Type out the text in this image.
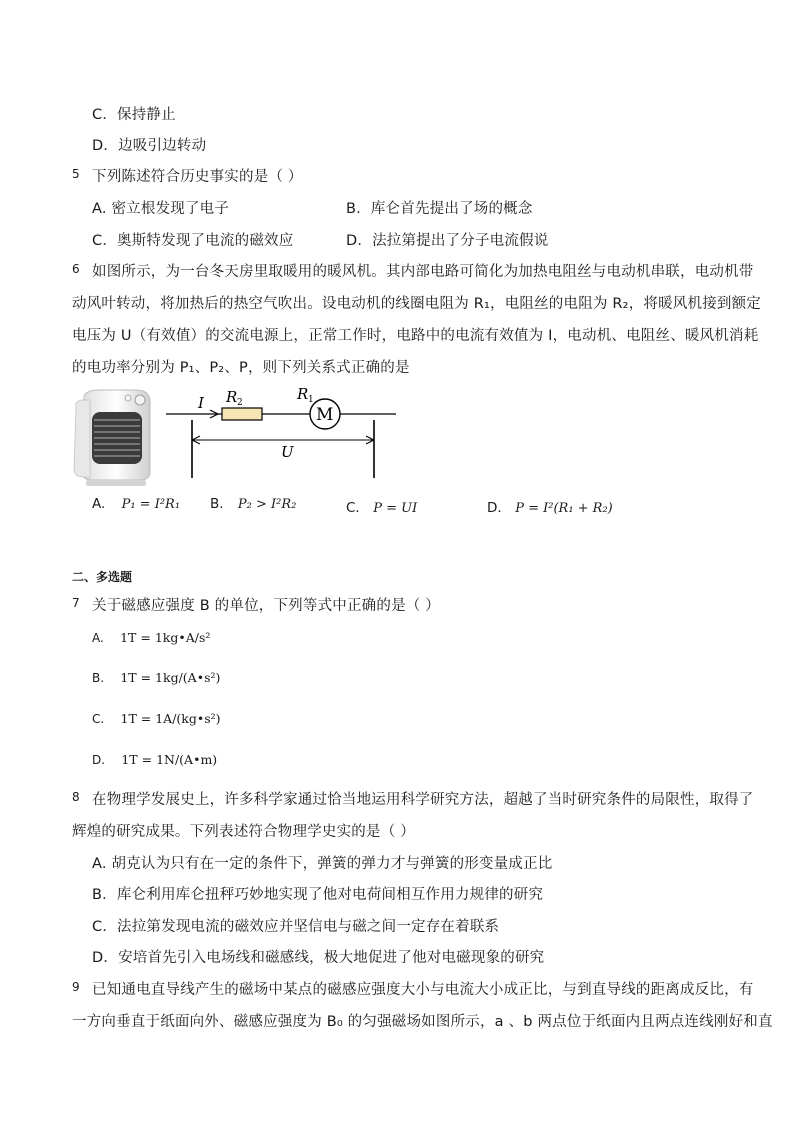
C．保持静止
D．边吸引边转动
5 下列陈述符合历史事实的是（ ）
A. 密立根发现了电子	B．库仑首先提出了场的概念
C．奥斯特发现了电流的磁效应	D．法拉第提出了分子电流假说
6 如图所示，为一台冬天房里取暖用的暖风机。其内部电路可简化为加热电阻丝与电动机串联，电动机带
动风叶转动，将加热后的热空气吹出。设电动机的线圈电阻为 R₁，电阻丝的电阻为 R₂，将暖风机接到额定
电压为 U（有效值）的交流电源上，正常工作时，电路中的电流有效值为 I，电动机、电阻丝、暖风机消耗
的电功率分别为 P₁、P₂、P，则下列关系式正确的是
I R 2
M
R 1
U
A. P₁ = I²R₁ B. P₂ > I²R₂	C． P = UI	D． P = I²(R₁ + R₂)
二、多选题
7 关于磁感应强度 B 的单位，下列等式中正确的是（ ）
A. 1T = 1kg•A/s²
B. 1T = 1kg/(A•s²)
C. 1T = 1A/(kg•s²)
D. 1T = 1N/(A•m)
8 在物理学发展史上，许多科学家通过恰当地运用科学研究方法，超越了当时研究条件的局限性，取得了
辉煌的研究成果。下列表述符合物理学史实的是（ ）
A. 胡克认为只有在一定的条件下，弹簧的弹力才与弹簧的形变量成正比
B．库仑利用库仑扭秤巧妙地实现了他对电荷间相互作用力规律的研究
C．法拉第发现电流的磁效应并坚信电与磁之间一定存在着联系
D．安培首先引入电场线和磁感线，极大地促进了他对电磁现象的研究
9 已知通电直导线产生的磁场中某点的磁感应强度大小与电流大小成正比，与到直导线的距离成反比，有
一方向垂直于纸面向外、磁感应强度为 B₀ 的匀强磁场如图所示，a 、b 两点位于纸面内且两点连线刚好和直
